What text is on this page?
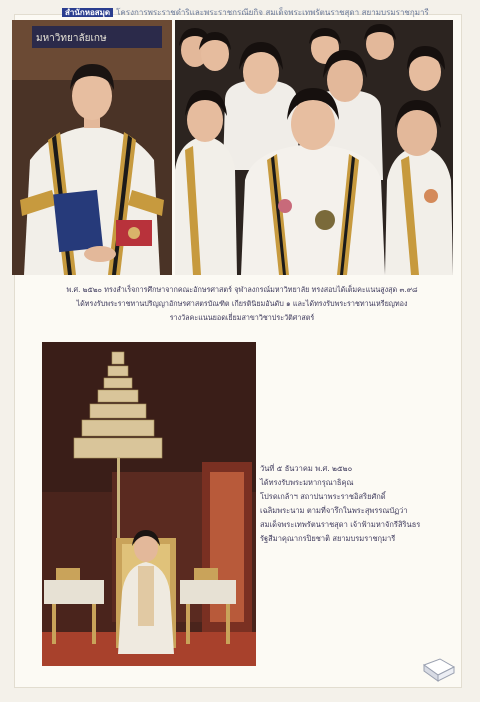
สำนักหอสมุด โครงการพระราชดำริและพระราชกรณียกิจ สมเด็จพระเทพรัตนราชสุดา สยามบรมราชกุมารี
มหาวิทยาลัยเกษ
พ.ศ. ๒๕๒๐ ทรงสำเร็จการศึกษาจากคณะอักษรศาสตร์ จุฬาลงกรณ์มหาวิทยาลัย ทรงสอบได้เต็มคะแนนสูงสุด ๓.๙๘
ได้ทรงรับพระราชทานปริญญาอักษรศาสตรบัณฑิต เกียรตินิยมอันดับ ๑ และได้ทรงรับพระราชทานเหรียญทอง
รางวัลคะแนนยอดเยี่ยมสาขาวิชาประวัติศาสตร์
วันที่ ๕ ธันวาคม พ.ศ. ๒๕๒๐
ได้ทรงรับพระมหากรุณาธิคุณ
โปรดเกล้าฯ สถาปนาพระราชอิสริยศักดิ์
เฉลิมพระนาม ตามที่จารึกในพระสุพรรณบัฏว่า
สมเด็จพระเทพรัตนราชสุดา เจ้าฟ้ามหาจักรีสิรินธร
รัฐสีมาคุณากรปิยชาติ สยามบรมราชกุมารี
